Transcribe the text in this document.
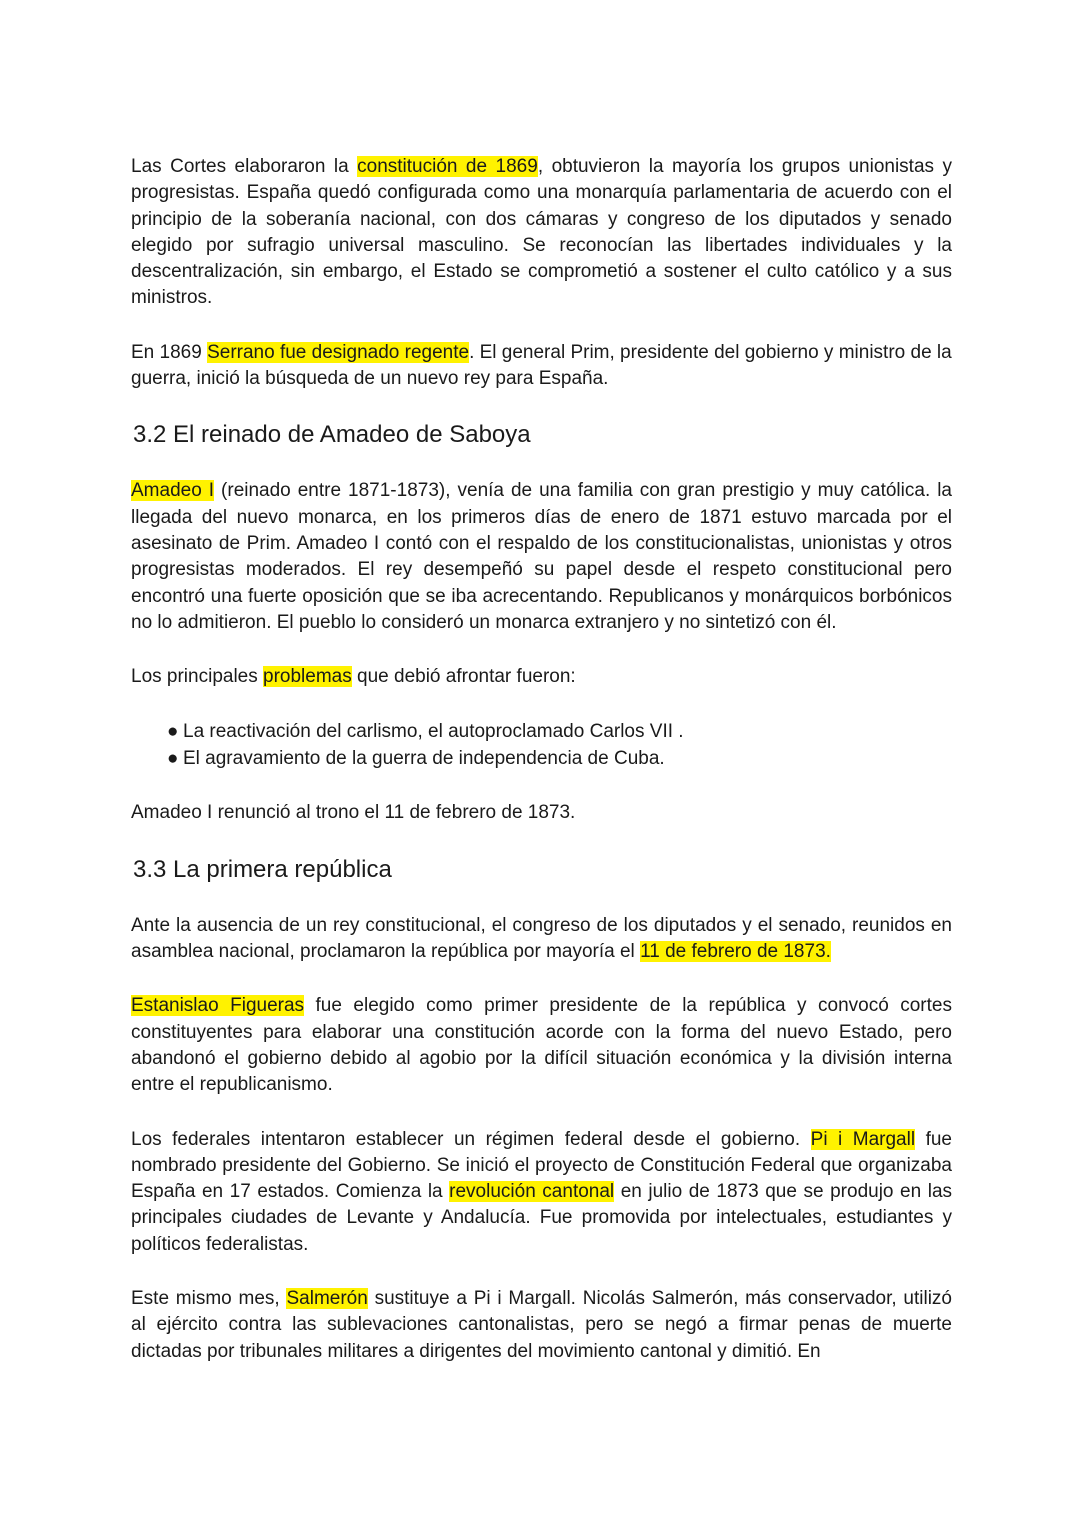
Las Cortes elaboraron la constitución de 1869, obtuvieron la mayoría los grupos unionistas y progresistas. España quedó configurada como una monarquía parlamentaria de acuerdo con el principio de la soberanía nacional, con dos cámaras y congreso de los diputados y senado elegido por sufragio universal masculino. Se reconocían las libertades individuales y la descentralización, sin embargo, el Estado se comprometió a sostener el culto católico y a sus ministros.

En 1869 Serrano fue designado regente. El general Prim, presidente del gobierno y ministro de la guerra, inició la búsqueda de un nuevo rey para España.

3.2 El reinado de Amadeo de Saboya

Amadeo I (reinado entre 1871-1873), venía de una familia con gran prestigio y muy católica. la llegada del nuevo monarca, en los primeros días de enero de 1871 estuvo marcada por el asesinato de Prim. Amadeo I contó con el respaldo de los constitucionalistas, unionistas y otros progresistas moderados. El rey desempeñó su papel desde el respeto constitucional pero encontró una fuerte oposición que se iba acrecentando. Republicanos y monárquicos borbónicos no lo admitieron. El pueblo lo consideró un monarca extranjero y no sintetizó con él.

Los principales problemas que debió afrontar fueron:

● La reactivación del carlismo, el autoproclamado Carlos VII .
● El agravamiento de la guerra de independencia de Cuba.

Amadeo I renunció al trono el 11 de febrero de 1873.

3.3 La primera república

Ante la ausencia de un rey constitucional, el congreso de los diputados y el senado, reunidos en asamblea nacional, proclamaron la república por mayoría el 11 de febrero de 1873.

Estanislao Figueras fue elegido como primer presidente de la república y convocó cortes constituyentes para elaborar una constitución acorde con la forma del nuevo Estado, pero abandonó el gobierno debido al agobio por la difícil situación económica y la división interna entre el republicanismo.

Los federales intentaron establecer un régimen federal desde el gobierno. Pi i Margall fue nombrado presidente del Gobierno. Se inició el proyecto de Constitución Federal que organizaba España en 17 estados. Comienza la revolución cantonal en julio de 1873 que se produjo en las principales ciudades de Levante y Andalucía. Fue promovida por intelectuales, estudiantes y políticos federalistas.

Este mismo mes, Salmerón sustituye a Pi i Margall. Nicolás Salmerón, más conservador, utilizó al ejército contra las sublevaciones cantonalistas, pero se negó a firmar penas de muerte dictadas por tribunales militares a dirigentes del movimiento cantonal y dimitió. En
